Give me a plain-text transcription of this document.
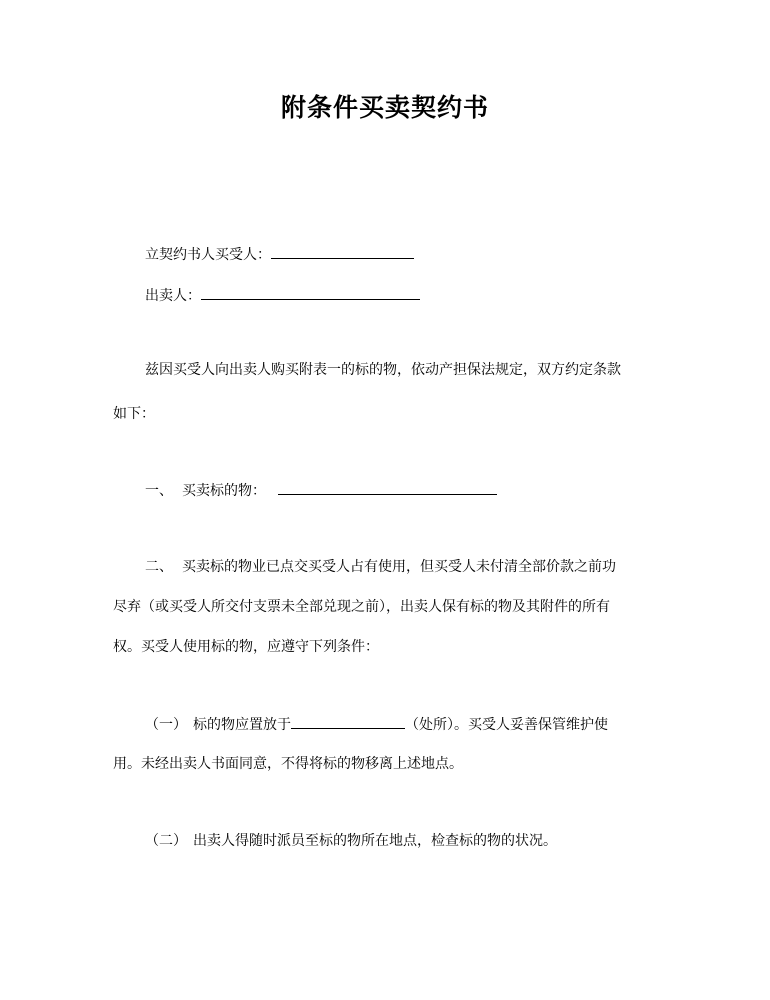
附条件买卖契约书
立契约书人买受人：
出卖人：
兹因买受人向出卖人购买附表一的标的物，依动产担保法规定，双方约定条款
如下：
一、 买卖标的物：
二、 买卖标的物业已点交买受人占有使用，但买受人未付清全部价款之前功
尽弃（或买受人所交付支票未全部兑现之前），出卖人保有标的物及其附件的所有
权。买受人使用标的物，应遵守下列条件：
（一） 标的物应置放于	（处所）。买受人妥善保管维护使
用。未经出卖人书面同意，不得将标的物移离上述地点。
（二） 出卖人得随时派员至标的物所在地点，检查标的物的状况。
